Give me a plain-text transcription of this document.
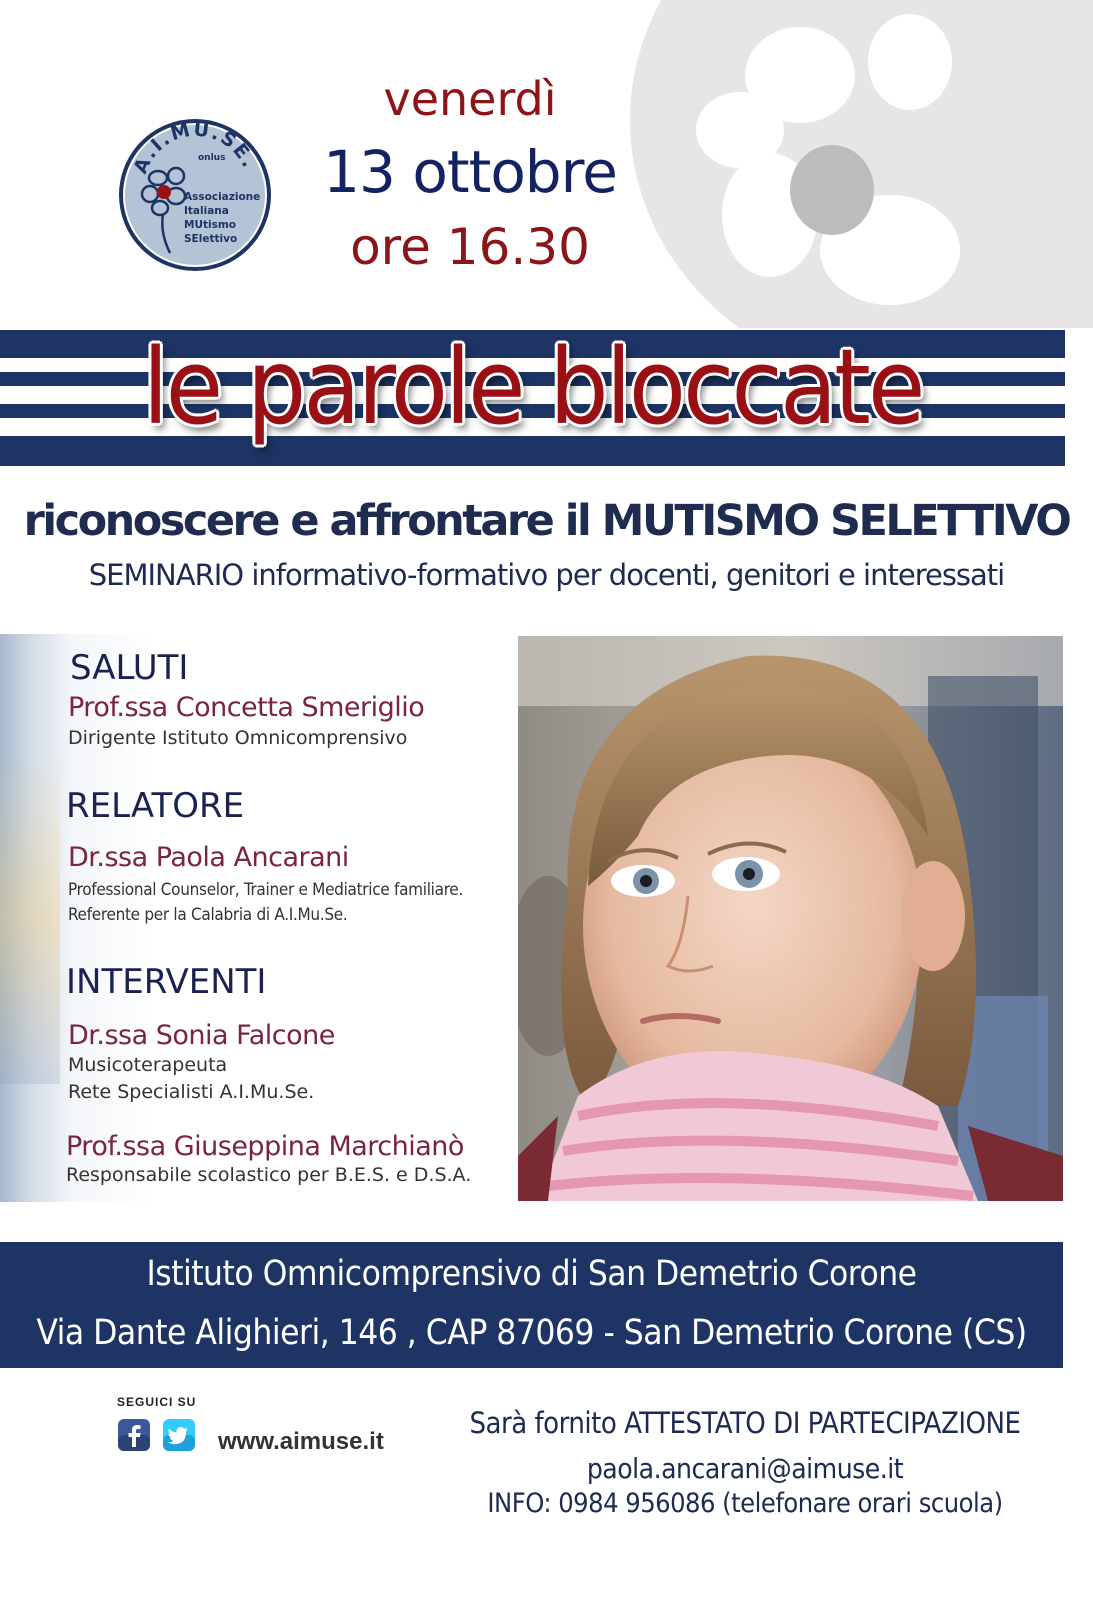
A.I.MU.SE.
onlus
Associazione
Italiana
MUtismo
SElettivo
venerdì
13 ottobre
ore 16.30
le parole bloccate
riconoscere e affrontare il MUTISMO SELETTIVO
SEMINARIO informativo-formativo per docenti, genitori e interessati
SALUTI
Prof.ssa Concetta Smeriglio
Dirigente Istituto Omnicomprensivo
RELATORE
Dr.ssa Paola Ancarani
Professional Counselor, Trainer e Mediatrice familiare.
Referente per la Calabria di A.I.Mu.Se.
INTERVENTI
Dr.ssa Sonia Falcone
Musicoterapeuta
Rete Specialisti A.I.Mu.Se.
Prof.ssa Giuseppina Marchianò
Responsabile scolastico per B.E.S. e D.S.A.
Istituto Omnicomprensivo di San Demetrio Corone
Via Dante Alighieri, 146 , CAP 87069 - San Demetrio Corone (CS)
SEGUICI SU
www.aimuse.it
Sarà fornito ATTESTATO DI PARTECIPAZIONE
paola.ancarani@aimuse.it
INFO: 0984 956086 (telefonare orari scuola)
